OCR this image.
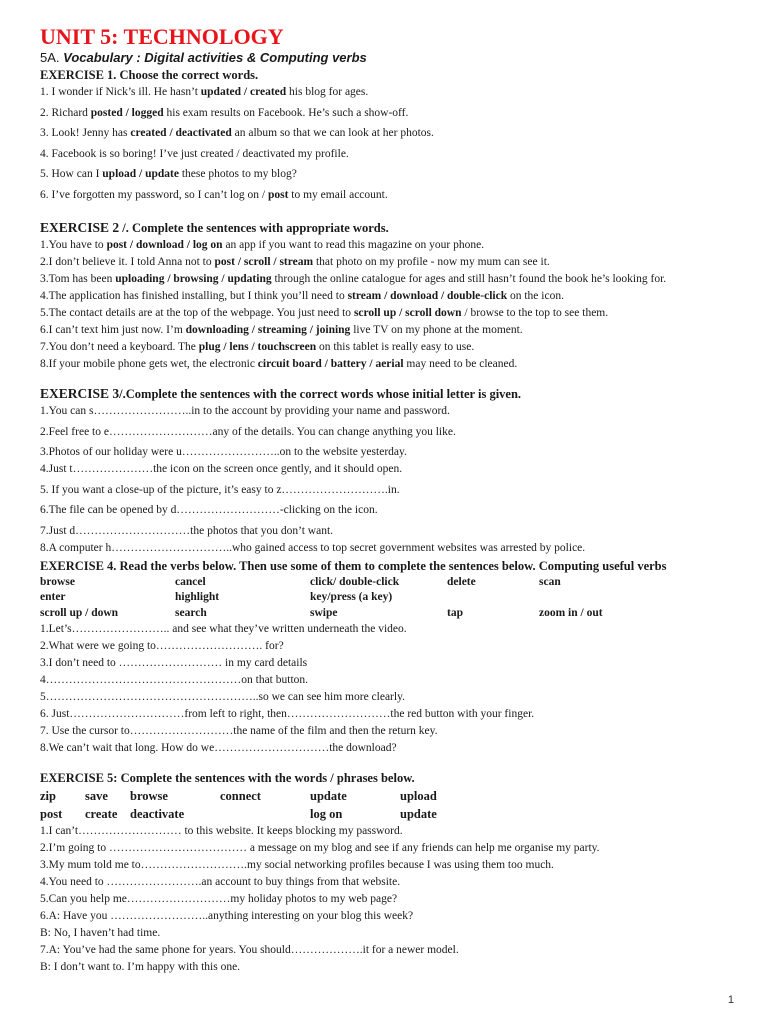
UNIT 5: TECHNOLOGY

5A. Vocabulary : Digital activities & Computing verbs

EXERCISE 1. Choose the correct words.

1. I wonder if Nick’s ill. He hasn’t updated / created his blog for ages.

2. Richard posted / logged his exam results on Facebook. He’s such a show-off.

3. Look! Jenny has created / deactivated an album so that we can look at her photos.

4. Facebook is so boring! I’ve just created / deactivated my profile.

5. How can I upload / update these photos to my blog?

6. I’ve forgotten my password, so I can’t log on / post to my email account.

EXERCISE 2 /. Complete the sentences with appropriate words.

1.You have to post / download / log on an app if you want to read this magazine on your phone.

2.I don’t believe it. I told Anna not to post / scroll / stream that photo on my profile - now my mum can see it.

3.Tom has been uploading / browsing / updating through the online catalogue for ages and still hasn’t found the book he’s looking for.

4.The application has finished installing, but I think you’ll need to stream / download / double-click on the icon.

5.The contact details are at the top of the webpage. You just need to scroll up / scroll down / browse to the top to see them.

6.I can’t text him just now. I’m downloading / streaming / joining live TV on my phone at the moment.

7.You don’t need a keyboard. The plug / lens / touchscreen on this tablet is really easy to use.

8.If your mobile phone gets wet, the electronic circuit board / battery / aerial may need to be cleaned.

EXERCISE 3/.Complete the sentences with the correct words whose initial letter is given.

1.You can s……………………..in to the account by providing your name and password.

2.Feel free to e………………………any of the details. You can change anything you like.

3.Photos of our holiday were u……………………..on to the website yesterday.

4.Just t…………………the icon on the screen once gently, and it should open.

5. If you want a close-up of the picture, it’s easy to z……………………….in.

6.The file can be opened by d………………………-clicking on the icon.

7.Just d…………………………the photos that you don’t want.

8.A computer h…………………………..who gained access to top secret government websites was arrested by police.

EXERCISE 4. Read the verbs below. Then use some of them to complete the sentences below. Computing useful verbs

browse	cancel	click/ double-click	delete	scan
enter	highlight	key/press (a key)
scroll up / down	search	swipe	tap	zoom in / out

1.Let’s…………………….. and see what they’ve written underneath the video.

2.What were we going to………………………. for?

3.I don’t need to ……………………… in my card details

4……………………………………………on that button.

5………………………………………………..so we can see him more clearly.

6. Just…………………………from left to right, then………………………the red button with your finger.

7. Use the cursor to………………………the name of the film and then the return key.

8.We can’t wait that long. How do we…………………………the download?

EXERCISE 5: Complete the sentences with the words / phrases below.

zip	save	browse	connect	update	upload
post	create	deactivate	log on	update

1.I can’t……………………… to this website. It keeps blocking my password.

2.I’m going to ……………………………… a message on my blog and see if any friends can help me organise my party.

3.My mum told me to……………………….my social networking profiles because I was using them too much.

4.You need to …………………….an account to buy things from that website.

5.Can you help me………………………my holiday photos to my web page?

6.A: Have you ……………………..anything interesting on your blog this week?

B: No, I haven’t had time.

7.A: You’ve had the same phone for years. You should……………….it for a newer model.

B: I don’t want to. I’m happy with this one.

1
